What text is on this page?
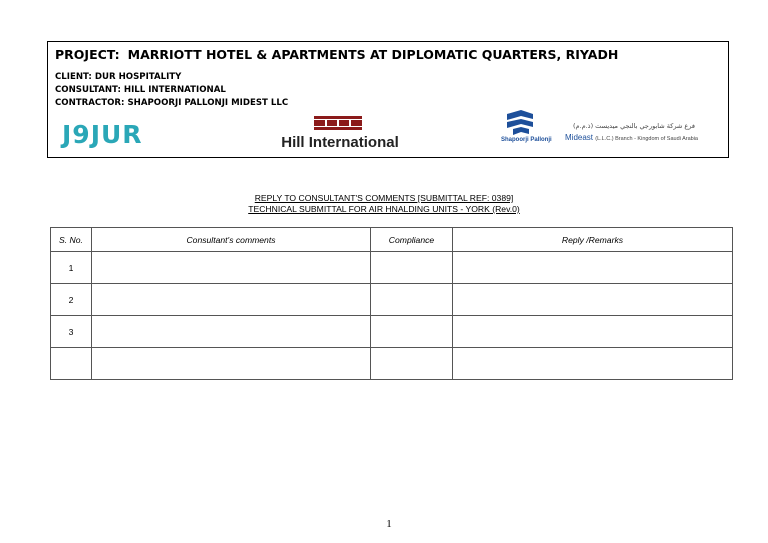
PROJECT: MARRIOTT HOTEL & APARTMENTS AT DIPLOMATIC QUARTERS, RIYADH
CLIENT: DUR HOSPITALITY
CONSULTANT: HILL INTERNATIONAL
CONTRACTOR: SHAPOORJI PALLONJI MIDEST LLC
J9JUR	Hill International	Shapoorji Pallonji
فرع شركة شابورجي بالنجي ميديست (ذ.م.م)
Mideast (L.L.C.) Branch - Kingdom of Saudi Arabia
REPLY TO CONSULTANT'S COMMENTS [SUBMITTAL REF: 0389]
TECHNICAL SUBMITTAL FOR AIR HNALDING UNITS - YORK (Rev.0)
S. No.	Consultant's comments	Compliance	Reply /Remarks
1			
2			
3			

1
